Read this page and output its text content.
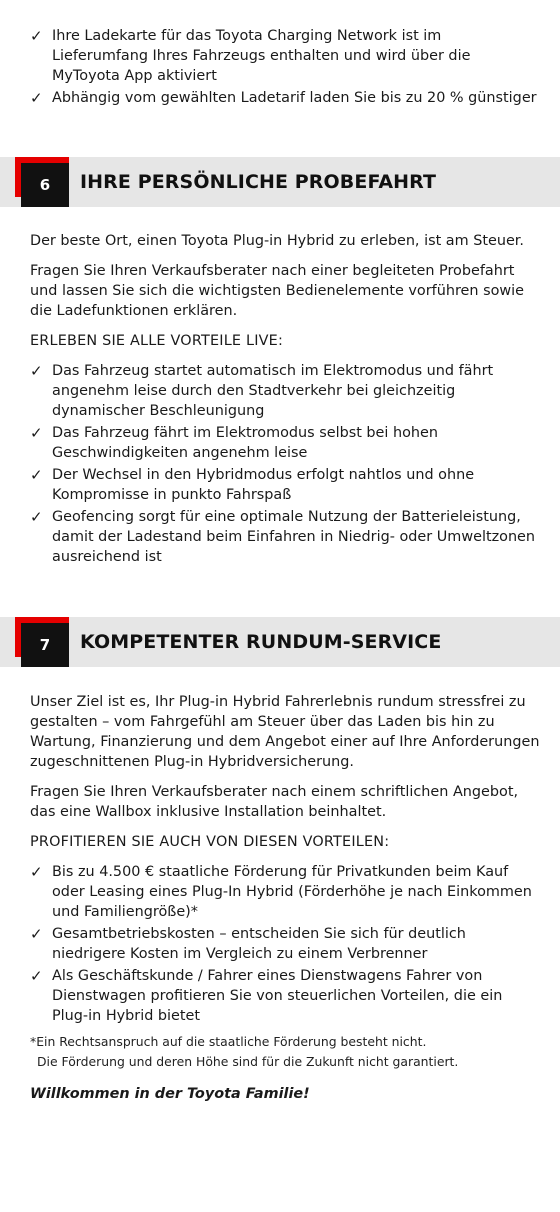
✓ Ihre Ladekarte für das Toyota Charging Network ist im Lieferumfang Ihres Fahrzeugs enthalten und wird über die MyToyota App aktiviert
✓ Abhängig vom gewählten Ladetarif laden Sie bis zu 20 % günstiger
6	IHRE PERSÖNLICHE PROBEFAHRT

Der beste Ort, einen Toyota Plug-in Hybrid zu erleben, ist am Steuer.

Fragen Sie Ihren Verkaufsberater nach einer begleiteten Probefahrt und lassen Sie sich die wichtigsten Bedienelemente vorführen sowie die Ladefunktionen erklären.

ERLEBEN SIE ALLE VORTEILE LIVE:

✓ Das Fahrzeug startet automatisch im Elektromodus und fährt angenehm leise durch den Stadtverkehr bei gleichzeitig dynamischer Beschleunigung
✓ Das Fahrzeug fährt im Elektromodus selbst bei hohen Geschwindigkeiten angenehm leise
✓ Der Wechsel in den Hybridmodus erfolgt nahtlos und ohne Kompromisse in punkto Fahrspaß
✓ Geofencing sorgt für eine optimale Nutzung der Batterieleistung, damit der Ladestand beim Einfahren in Niedrig- oder Umweltzonen ausreichend ist
7	KOMPETENTER RUNDUM-SERVICE

Unser Ziel ist es, Ihr Plug-in Hybrid Fahrerlebnis rundum stressfrei zu gestalten – vom Fahrgefühl am Steuer über das Laden bis hin zu Wartung, Finanzierung und dem Angebot einer auf Ihre Anforderungen zugeschnittenen Plug-in Hybridversicherung.

Fragen Sie Ihren Verkaufsberater nach einem schriftlichen Angebot, das eine Wallbox inklusive Installation beinhaltet.

PROFITIEREN SIE AUCH VON DIESEN VORTEILEN:

✓ Bis zu 4.500 € staatliche Förderung für Privatkunden beim Kauf oder Leasing eines Plug-In Hybrid (Förderhöhe je nach Einkommen und Familiengröße)*
✓ Gesamtbetriebskosten – entscheiden Sie sich für deutlich niedrigere Kosten im Vergleich zu einem Verbrenner
✓ Als Geschäftskunde / Fahrer eines Dienstwagens Fahrer von Dienstwagen profitieren Sie von steuerlichen Vorteilen, die ein Plug-in Hybrid bietet

*Ein Rechtsanspruch auf die staatliche Förderung besteht nicht.
Die Förderung und deren Höhe sind für die Zukunft nicht garantiert.

Willkommen in der Toyota Familie!
